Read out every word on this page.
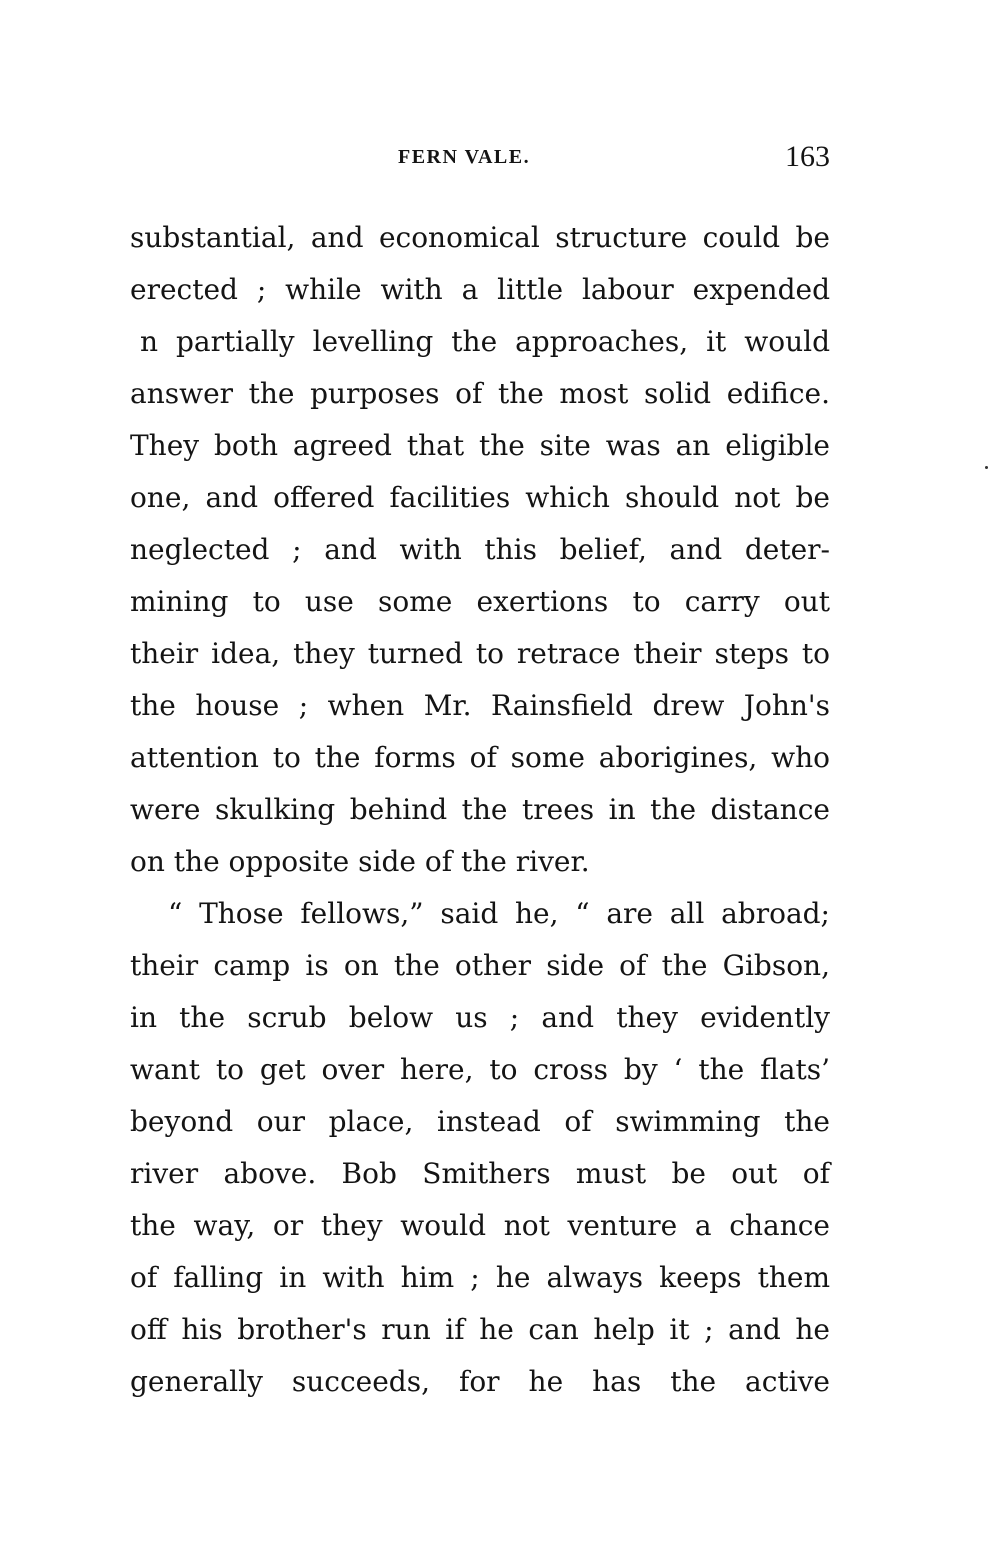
FERN VALE.	163
substantial, and economical structure could be
erected ; while with a little labour expended
n partially levelling the approaches, it would
answer the purposes of the most solid edifice.
They both agreed that the site was an eligible
one, and offered facilities which should not be
neglected ; and with this belief, and deter-
mining to use some exertions to carry out
their idea, they turned to retrace their steps to
the house ; when Mr. Rainsfield drew John's
attention to the forms of some aborigines, who
were skulking behind the trees in the distance
on the opposite side of the river.
“ Those fellows,” said he, “ are all abroad;
their camp is on the other side of the Gibson,
in the scrub below us ; and they evidently
want to get over here, to cross by ‘ the flats’
beyond our place, instead of swimming the
river above. Bob Smithers must be out of
the way, or they would not venture a chance
of falling in with him ; he always keeps them
off his brother's run if he can help it ; and he
generally succeeds, for he has the active
